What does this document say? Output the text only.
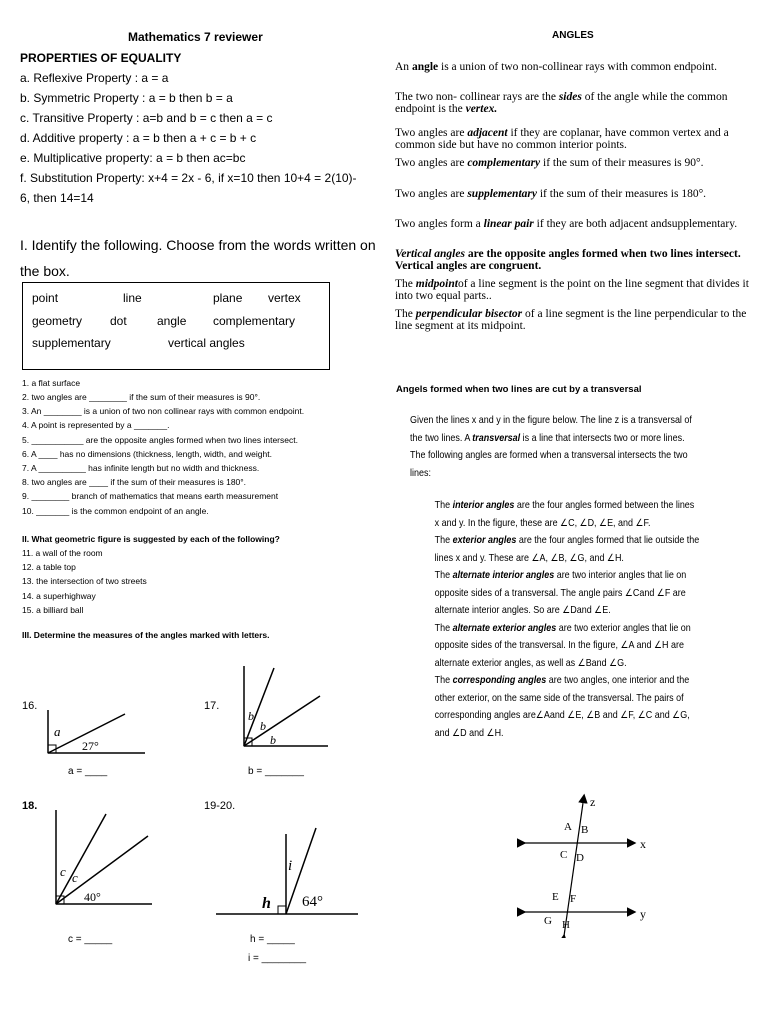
Mathematics 7 reviewer
PROPERTIES OF EQUALITY
a. Reflexive Property : a = a
b. Symmetric Property : a = b then b = a
c. Transitive Property : a=b and b = c then a = c
d. Additive property : a = b then a + c = b + c
e. Multiplicative property: a = b then ac=bc
f. Substitution Property: x+4 = 2x - 6, if x=10 then 10+4 = 2(10)-
6, then 14=14
I. Identify the following. Choose from the words written on the box.
point	line	plane vertex
geometry dot	angle complementary
supplementary	vertical angles
1. a flat surface
2. two angles are ________ if the sum of their measures is 90°.
3. An ________ is a union of two non collinear rays with common endpoint.
4. A point is represented by a _______.
5. ___________ are the opposite angles formed when two lines intersect.
6. A ____ has no dimensions (thickness, length, width, and weight.
7. A __________ has infinite length but no width and thickness.
8. two angles are ____ if the sum of their measures is 180°.
9. ________ branch of mathematics that means earth measurement
10. _______ is the common endpoint of an angle.
II. What geometric figure is suggested by each of the following?
11. a wall of the room
12. a table top
13. the intersection of two streets
14. a superhighway
15. a billiard ball
III. Determine the measures of the angles marked with letters.
16.
a
27°
a = ____
17.
b
b
b
b = _______
18.
c c
40°
c = _____
19-20.
h
i
64°
h = _____
i = ________
ANGLES
An angle is a union of two non-collinear rays with common endpoint.
The two non- collinear rays are the sides of the angle while the common endpoint is the vertex.
Two angles are adjacent if they are coplanar, have common vertex and a common side but have no common interior points.
Two angles are complementary if the sum of their measures is 90°.
Two angles are supplementary if the sum of their measures is 180°.
Two angles form a linear pair if they are both adjacent andsupplementary.
Vertical angles are the opposite angles formed when two lines intersect. Vertical angles are congruent.
The midpointof a line segment is the point on the line segment that divides it into two equal parts..
The perpendicular bisector of a line segment is the line perpendicular to the line segment at its midpoint.
Angels formed when two lines are cut by a transversal

Given the lines x and y in the figure below. The line z is a transversal of the two lines. A transversal is a line that intersects two or more lines. The following angles are formed when a transversal intersects the two lines:

The interior angles are the four angles formed between the lines x and y. In the figure, these are ∠C, ∠D, ∠E, and ∠F.

The exterior angles are the four angles formed that lie outside the lines x and y. These are ∠A, ∠B, ∠G, and ∠H.

The alternate interior angles are two interior angles that lie on opposite sides of a transversal. The angle pairs ∠Cand ∠F are alternate interior angles. So are ∠Dand ∠E.

The alternate exterior angles are two exterior angles that lie on opposite sides of the transversal. In the figure, ∠A and ∠H are alternate exterior angles, as well as ∠Band ∠G.

The corresponding angles are two angles, one interior and the other exterior, on the same side of the transversal. The pairs of corresponding angles are∠Aand ∠E, ∠B and ∠F, ∠C and ∠G, and ∠D and ∠H.

z
x
y
A B
C D
E F
G H
